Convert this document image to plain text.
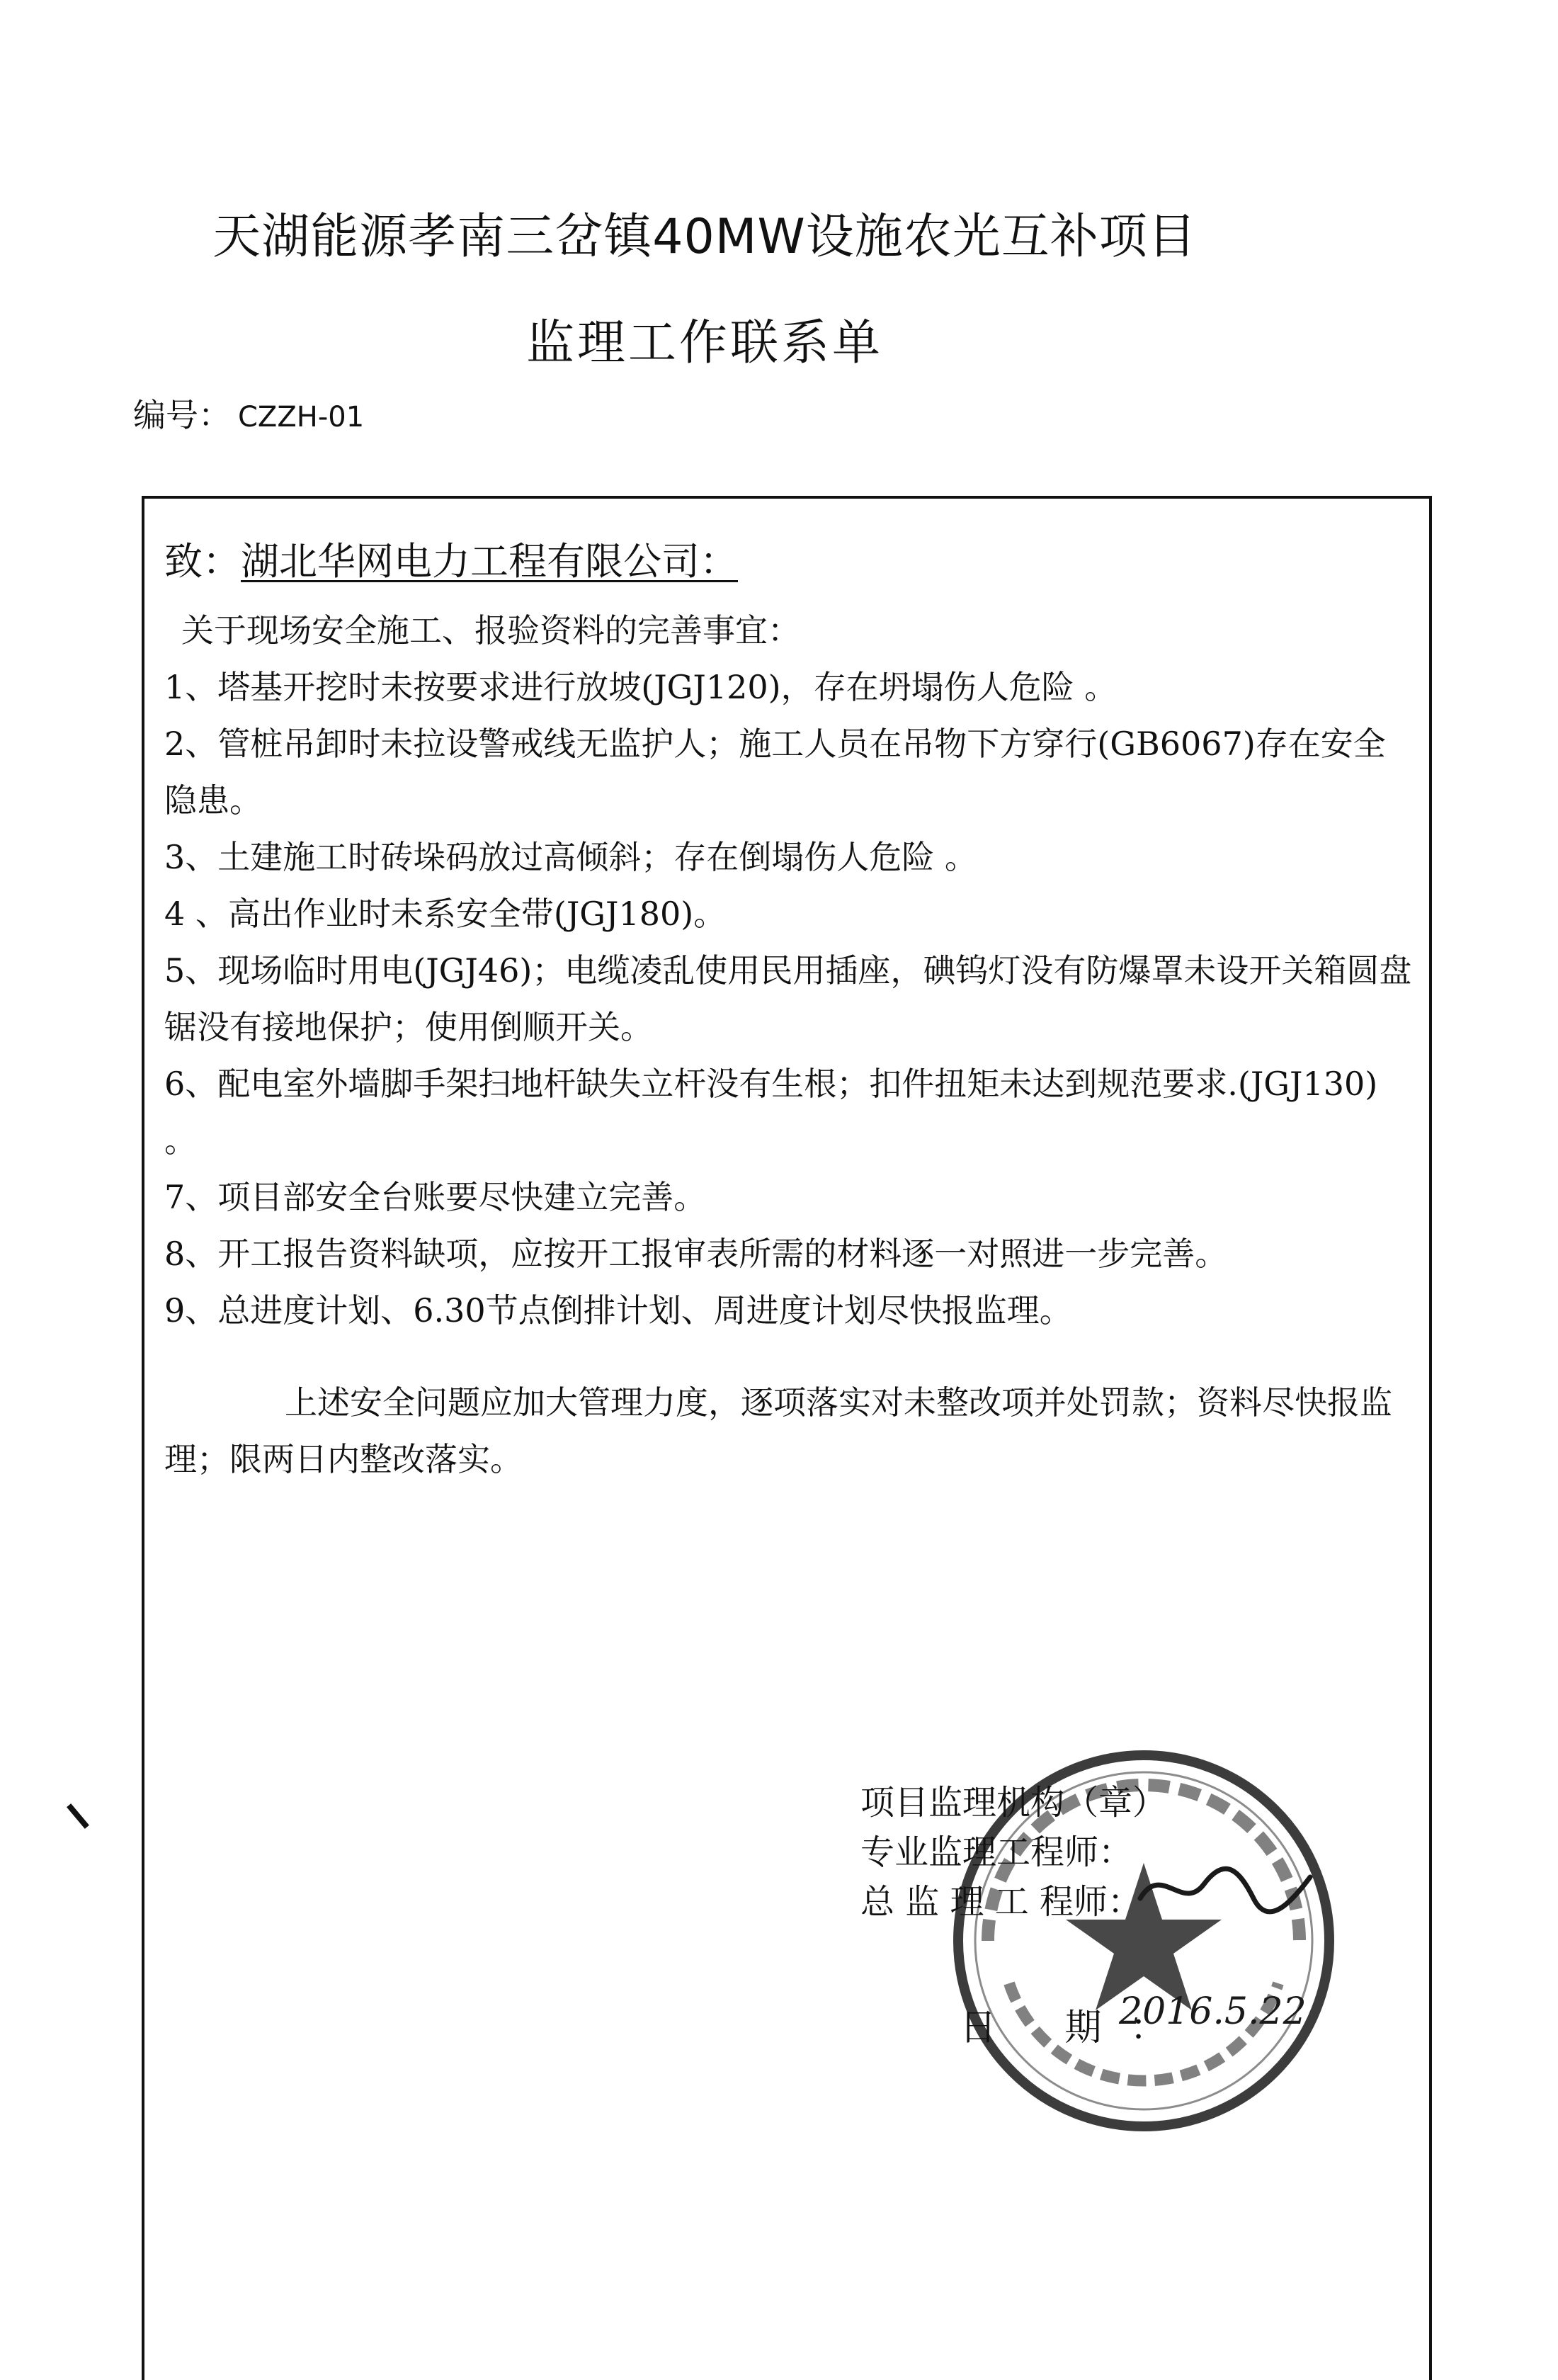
天湖能源孝南三岔镇40MW设施农光互补项目
监理工作联系单
编号： CZZH-01
致：湖北华网电力工程有限公司：

关于现场安全施工、报验资料的完善事宜：

1、塔基开挖时未按要求进行放坡(JGJ120)，存在坍塌伤人危险 。

2、管桩吊卸时未拉设警戒线无监护人；施工人员在吊物下方穿行(GB6067)存在安全隐患。

3、土建施工时砖垛码放过高倾斜；存在倒塌伤人危险 。

4 、高出作业时未系安全带(JGJ180)。

5、现场临时用电(JGJ46)；电缆凌乱使用民用插座，碘钨灯没有防爆罩未设开关箱圆盘锯没有接地保护；使用倒顺开关。

6、配电室外墙脚手架扫地杆缺失立杆没有生根；扣件扭矩未达到规范要求.(JGJ130) 。

7、项目部安全台账要尽快建立完善。

8、开工报告资料缺项，应按开工报审表所需的材料逐一对照进一步完善。

9、总进度计划、6.30节点倒排计划、周进度计划尽快报监理。

上述安全问题应加大管理力度，逐项落实对未整改项并处罚款；资料尽快报监理；限两日内整改落实。

项目监理机构（章）
专业监理工程师：
总 监 理 工 程师：
日 期：
2016.5.22
